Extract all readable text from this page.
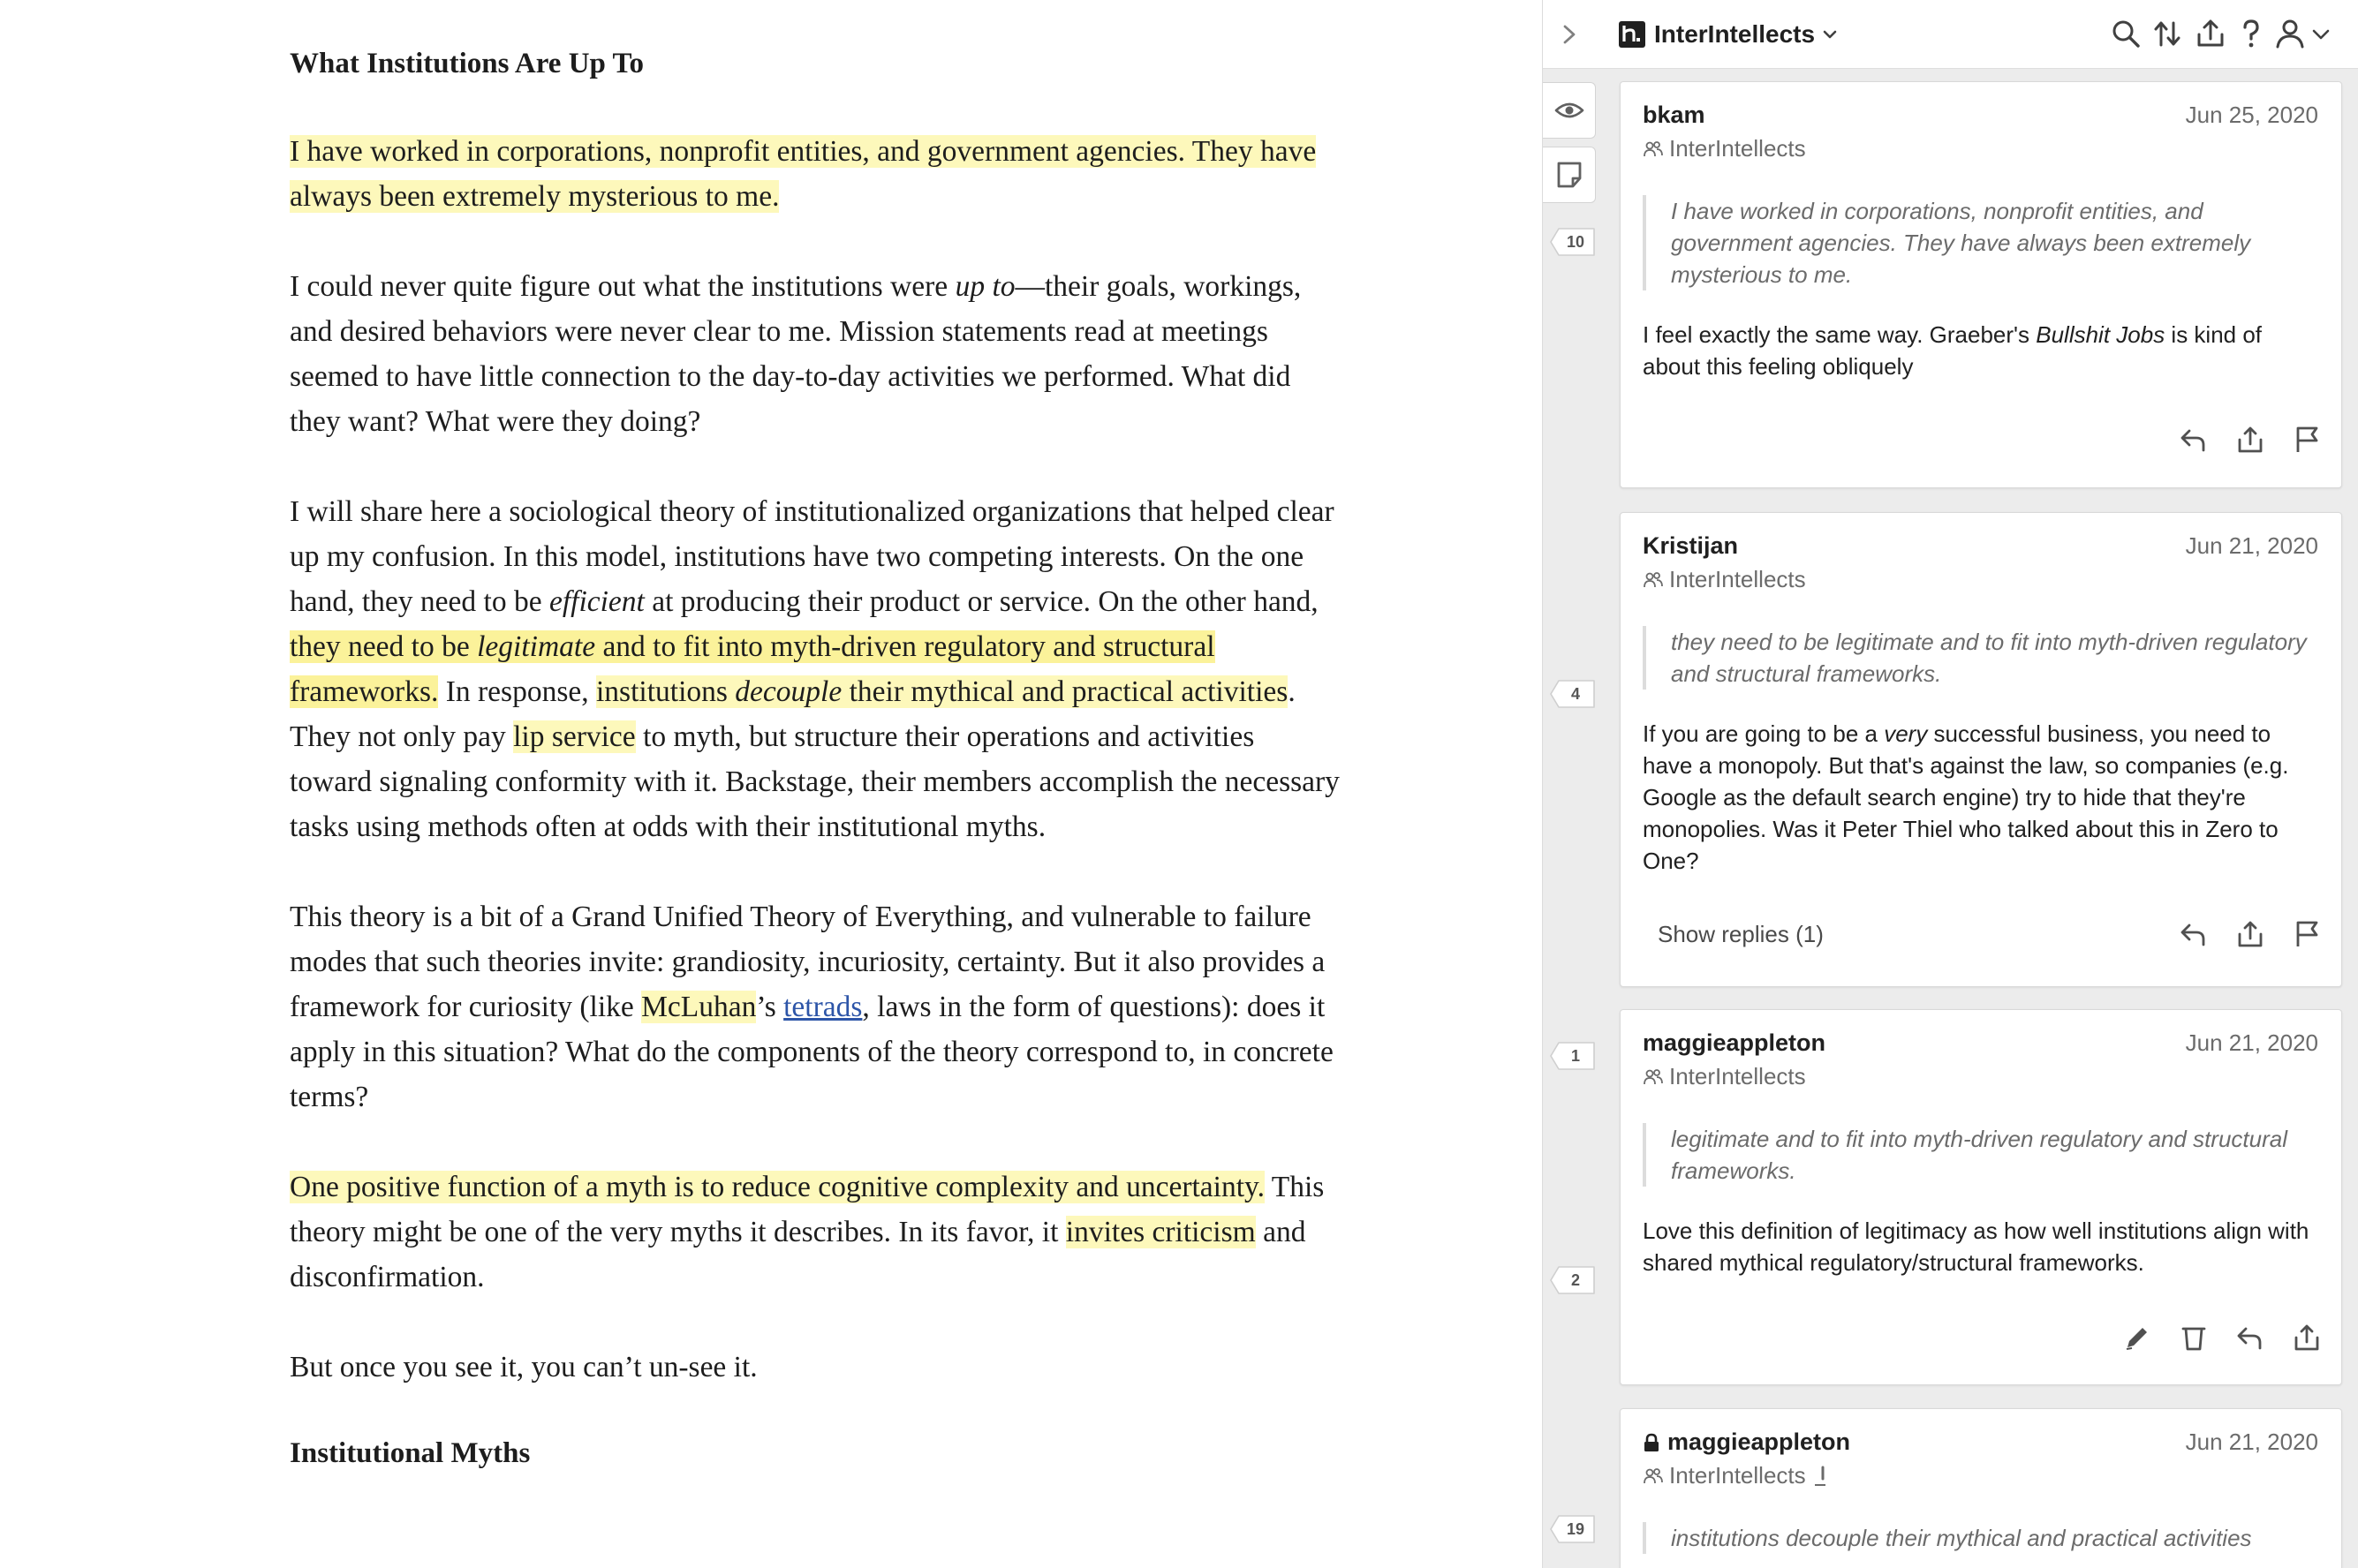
What Institutions Are Up To

I have worked in corporations, nonprofit entities, and government agencies. They have always been extremely mysterious to me.

I could never quite figure out what the institutions were up to—their goals, workings, and desired behaviors were never clear to me. Mission statements read at meetings seemed to have little connection to the day-to-day activities we performed. What did they want? What were they doing?

I will share here a sociological theory of institutionalized organizations that helped clear up my confusion. In this model, institutions have two competing interests. On the one hand, they need to be efficient at producing their product or service. On the other hand, they need to be legitimate and to fit into myth-driven regulatory and structural frameworks. In response, institutions decouple their mythical and practical activities. They not only pay lip service to myth, but structure their operations and activities toward signaling conformity with it. Backstage, their members accomplish the necessary tasks using methods often at odds with their institutional myths.

This theory is a bit of a Grand Unified Theory of Everything, and vulnerable to failure modes that such theories invite: grandiosity, incuriosity, certainty. But it also provides a framework for curiosity (like McLuhan’s tetrads, laws in the form of questions): does it apply in this situation? What do the components of the theory correspond to, in concrete terms?

One positive function of a myth is to reduce cognitive complexity and uncertainty. This theory might be one of the very myths it describes. In its favor, it invites criticism and disconfirmation.

But once you see it, you can’t un-see it.

Institutional Myths
InterIntellects
10
4
1
2
19
bkam	Jun 25, 2020
InterIntellects
I have worked in corporations, nonprofit entities, and government agencies. They have always been extremely mysterious to me.
I feel exactly the same way. Graeber's Bullshit Jobs is kind of about this feeling obliquely
Kristijan	Jun 21, 2020
InterIntellects
they need to be legitimate and to fit into myth-driven regulatory and structural frameworks.
If you are going to be a very successful business, you need to have a monopoly. But that's against the law, so companies (e.g. Google as the default search engine) try to hide that they're monopolies. Was it Peter Thiel who talked about this in Zero to One?
Show replies (1)
maggieappleton	Jun 21, 2020
InterIntellects
legitimate and to fit into myth-driven regulatory and structural frameworks.
Love this definition of legitimacy as how well institutions align with shared mythical regulatory/structural frameworks.
maggieappleton	Jun 21, 2020
InterIntellects
institutions decouple their mythical and practical activities
